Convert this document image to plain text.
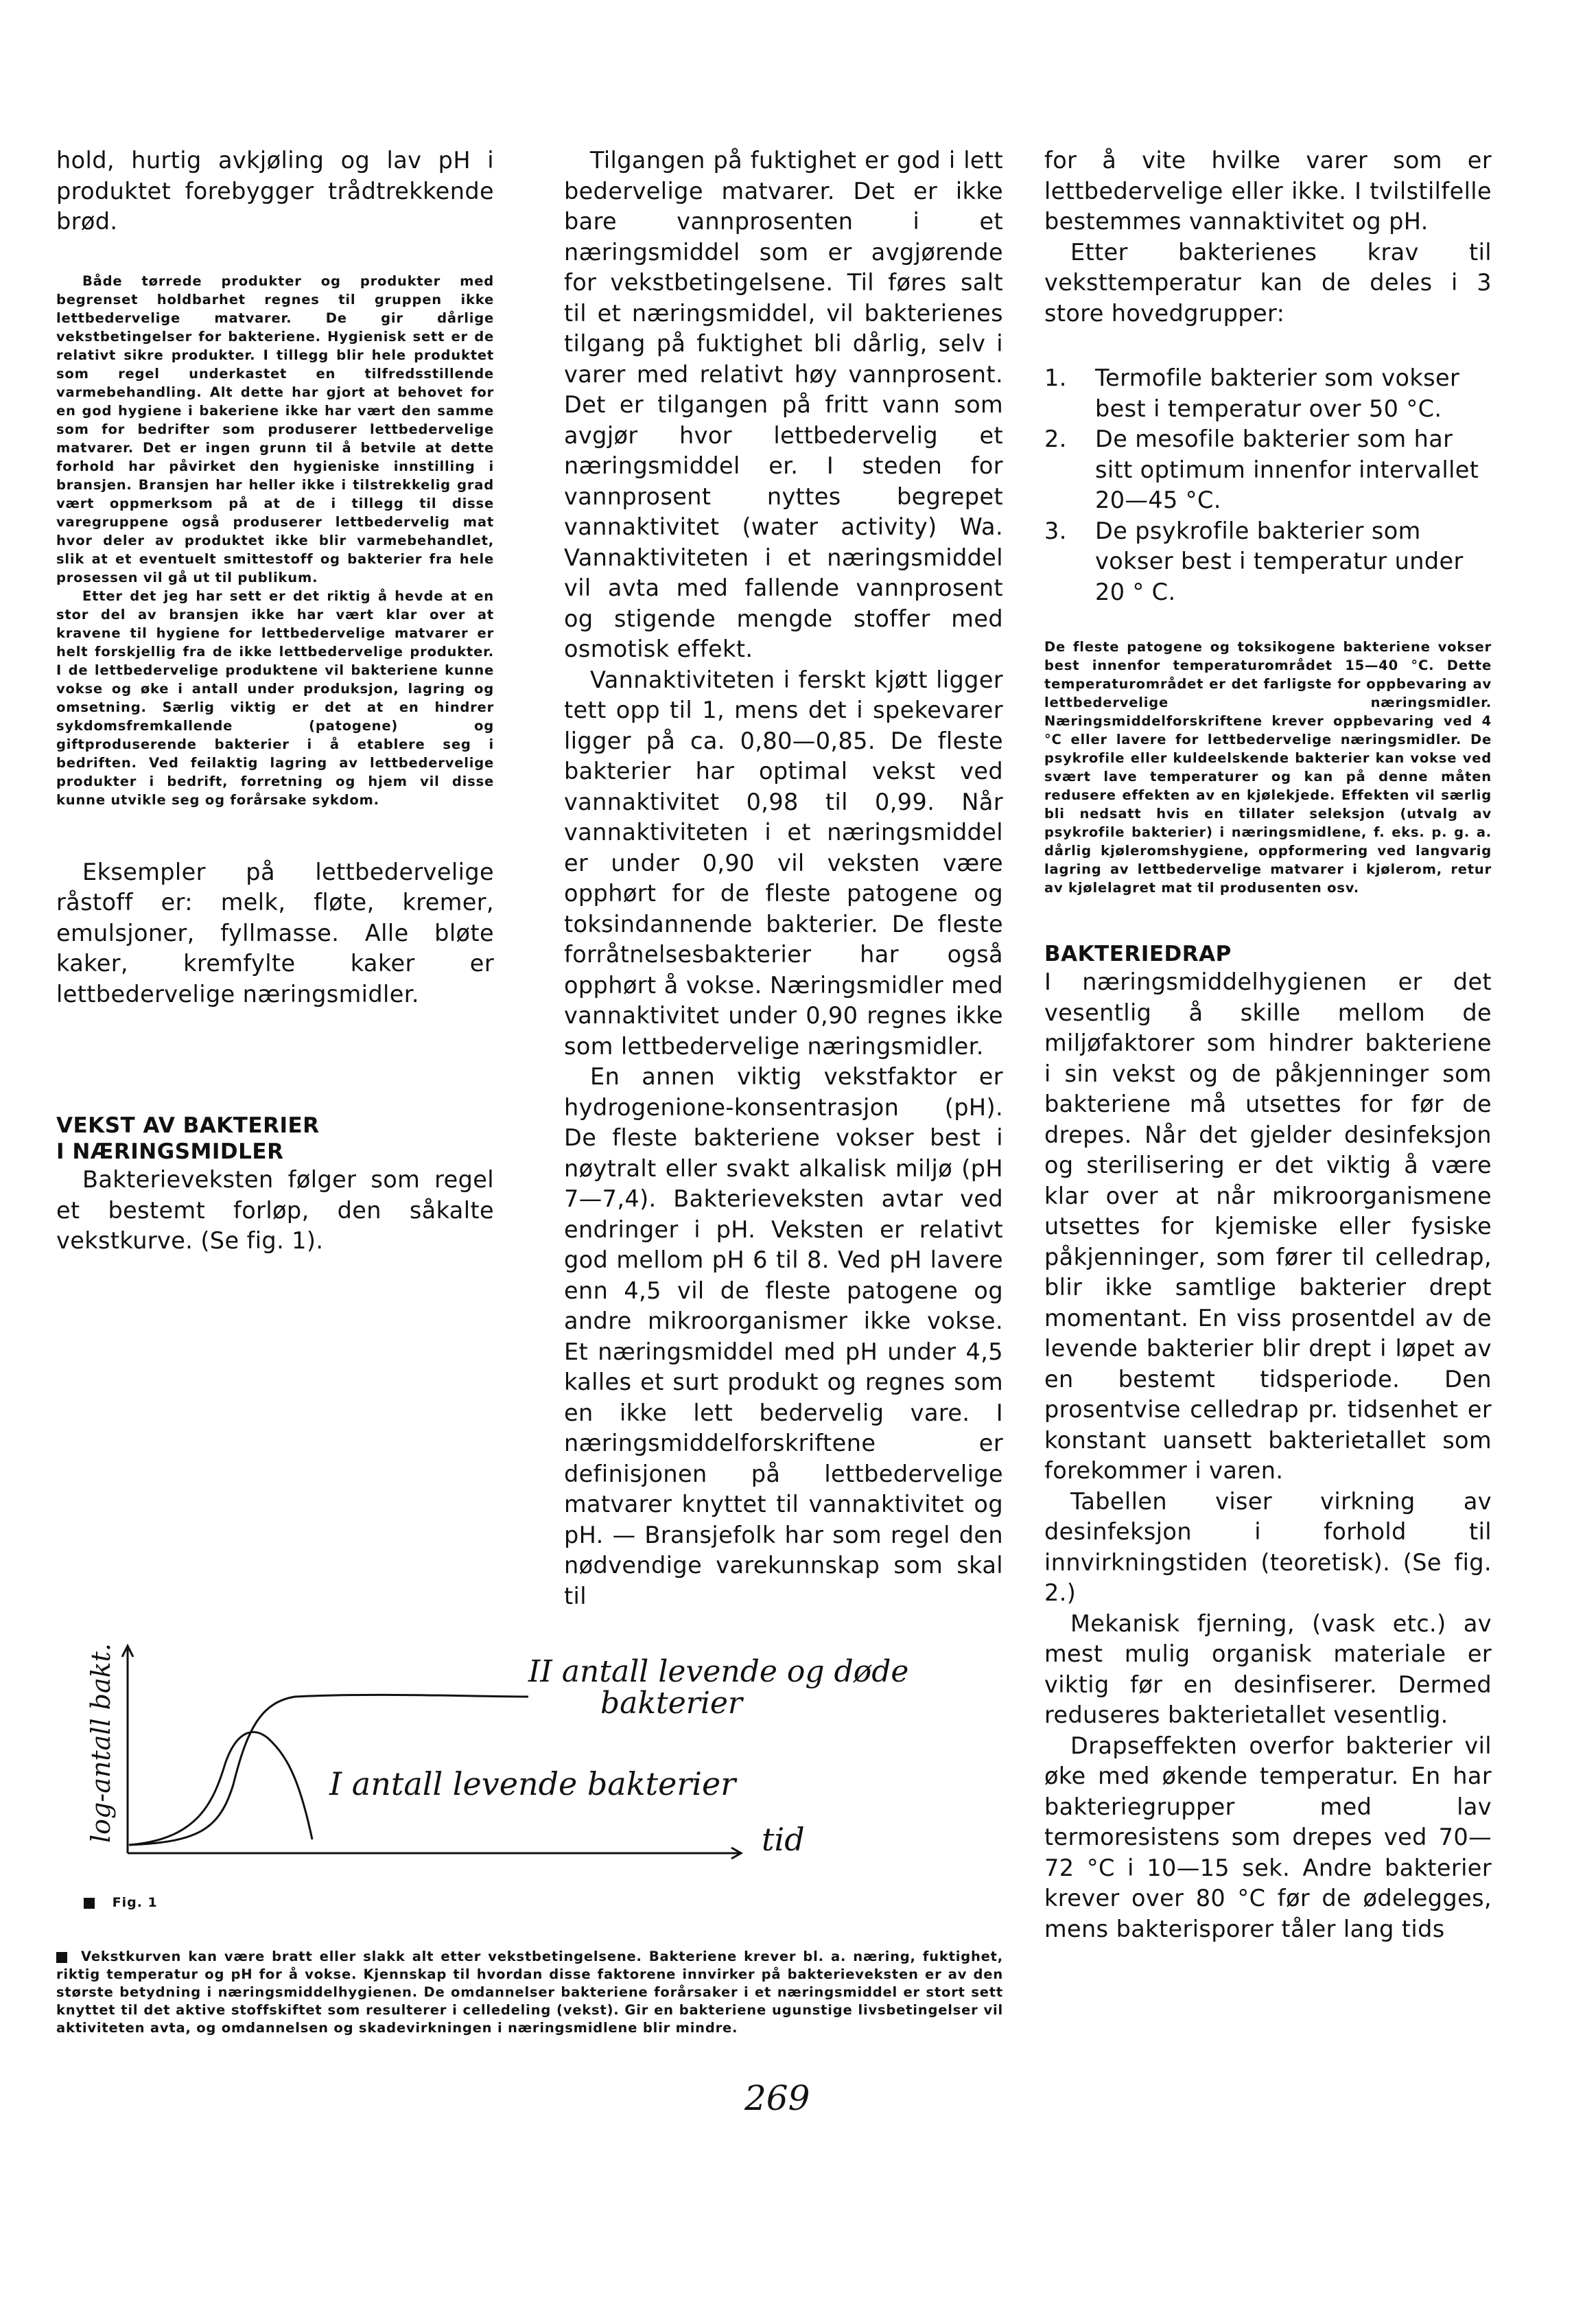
hold, hurtig avkjøling og lav pH i
produktet forebygger trådtrekkende
brød.

Både tørrede produkter og produkter med begrenset holdbarhet regnes til gruppen ikke lettbedervelige matvarer. De gir dårlige vekstbetingelser for bakteriene. Hygienisk sett er de relativt sikre produkter. I tillegg blir hele produktet som regel underkastet en tilfredsstillende varmebehandling. Alt dette har gjort at behovet for en god hygiene i bakeriene ikke har vært den samme som for bedrifter som produserer lettbedervelige matvarer. Det er ingen grunn til å betvile at dette forhold har påvirket den hygieniske innstilling i bransjen. Bransjen har heller ikke i tilstrekkelig grad vært oppmerksom på at de i tillegg til disse varegruppene også produserer lettbedervelig mat hvor deler av produktet ikke blir varmebehandlet, slik at et eventuelt smittestoff og bakterier fra hele prosessen vil gå ut til publikum.

Etter det jeg har sett er det riktig å hevde at en stor del av bransjen ikke har vært klar over at kravene til hygiene for lettbedervelige matvarer er helt forskjellig fra de ikke lettbedervelige produkter. I de lettbedervelige produktene vil bakteriene kunne vokse og øke i antall under produksjon, lagring og omsetning. Særlig viktig er det at en hindrer sykdomsfremkallende (patogene) og giftproduserende bakterier i å etablere seg i bedriften. Ved feilaktig lagring av lettbedervelige produkter i bedrift, forretning og hjem vil disse kunne utvikle seg og forårsake sykdom.

Eksempler på lettbedervelige råstoff er: melk, fløte, kremer, emulsjoner, fyllmasse. Alle bløte kaker, kremfylte kaker er lettbedervelige næringsmidler.

VEKST AV BAKTERIER
I NÆRINGSMIDLER

Bakterieveksten følger som regel et bestemt forløp, den såkalte vekstkurve. (Se fig. 1).

Tilgangen på fuktighet er god i lett bedervelige matvarer. Det er ikke bare vannprosenten i et næringsmiddel som er avgjørende for vekstbetingelsene. Til føres salt til et næringsmiddel, vil bakterienes tilgang på fuktighet bli dårlig, selv i varer med relativt høy vannprosent. Det er tilgangen på fritt vann som avgjør hvor lettbedervelig et næringsmiddel er. I steden for vannprosent nyttes begrepet vannaktivitet (water activity) Wa. Vannaktiviteten i et næringsmiddel vil avta med fallende vannprosent og stigende mengde stoffer med osmotisk effekt.

Vannaktiviteten i ferskt kjøtt ligger tett opp til 1, mens det i spekevarer ligger på ca. 0,80—0,85. De fleste bakterier har optimal vekst ved vannaktivitet 0,98 til 0,99. Når vannaktiviteten i et næringsmiddel er under 0,90 vil veksten være opphørt for de fleste patogene og toksindannende bakterier. De fleste forråtnelsesbakterier har også opphørt å vokse. Næringsmidler med vannaktivitet under 0,90 regnes ikke som lettbedervelige næringsmidler.

En annen viktig vekstfaktor er hydrogenione-konsentrasjon (pH). De fleste bakteriene vokser best i nøytralt eller svakt alkalisk miljø (pH 7—7,4). Bakterieveksten avtar ved endringer i pH. Veksten er relativt god mellom pH 6 til 8. Ved pH lavere enn 4,5 vil de fleste patogene og andre mikroorganismer ikke vokse. Et næringsmiddel med pH under 4,5 kalles et surt produkt og regnes som en ikke lett bedervelig vare. I næringsmiddelforskriftene er definisjonen på lettbedervelige matvarer knyttet til vannaktivitet og pH. — Bransjefolk har som regel den nødvendige varekunnskap som skal til

for å vite hvilke varer som er lettbedervelige eller ikke. I tvilstilfelle bestemmes vannaktivitet og pH.

Etter bakterienes krav til veksttemperatur kan de deles i 3 store hovedgrupper:

1. Termofile bakterier som vokser best i temperatur over 50 °C.
2. De mesofile bakterier som har sitt optimum innenfor intervallet 20—45 °C.
3. De psykrofile bakterier som vokser best i temperatur under 20 ° C.

De fleste patogene og toksikogene bakteriene vokser best innenfor temperaturområdet 15—40 °C. Dette temperaturområdet er det farligste for oppbevaring av lettbedervelige næringsmidler. Næringsmiddelforskriftene krever oppbevaring ved 4 °C eller lavere for lettbedervelige næringsmidler. De psykrofile eller kuldeelskende bakterier kan vokse ved svært lave temperaturer og kan på denne måten redusere effekten av en kjølekjede. Effekten vil særlig bli nedsatt hvis en tillater seleksjon (utvalg av psykrofile bakterier) i næringsmidlene, f. eks. p. g. a. dårlig kjøleromshygiene, oppformering ved langvarig lagring av lettbedervelige matvarer i kjølerom, retur av kjølelagret mat til produsenten osv.

BAKTERIEDRAP

I næringsmiddelhygienen er det vesentlig å skille mellom de miljøfaktorer som hindrer bakteriene i sin vekst og de påkjenninger som bakteriene må utsettes for før de drepes. Når det gjelder desinfeksjon og sterilisering er det viktig å være klar over at når mikroorganismene utsettes for kjemiske eller fysiske påkjenninger, som fører til celledrap, blir ikke samtlige bakterier drept momentant. En viss prosentdel av de levende bakterier blir drept i løpet av en bestemt tidsperiode. Den prosentvise celledrap pr. tidsenhet er konstant uansett bakterietallet som forekommer i varen.

Tabellen viser virkning av desinfeksjon i forhold til innvirkningstiden (teoretisk). (Se fig. 2.)

Mekanisk fjerning, (vask etc.) av mest mulig organisk materiale er viktig før en desinfiserer. Dermed reduseres bakterietallet vesentlig.

Drapseffekten overfor bakterier vil øke med økende temperatur. En har bakteriegrupper med lav termoresistens som drepes ved 70—72 °C i 10—15 sek. Andre bakterier krever over 80 °C før de ødelegges, mens bakterisporer tåler lang tids

log-antall bakt.	tid
II antall levende og døde
bakterier
I antall levende bakterier
Fig. 1

Vekstkurven kan være bratt eller slakk alt etter vekstbetingelsene. Bakteriene krever bl. a. næring, fuktighet, riktig temperatur og pH for å vokse. Kjennskap til hvordan disse faktorene innvirker på bakterieveksten er av den største betydning i næringsmiddelhygienen. De omdannelser bakteriene forårsaker i et næringsmiddel er stort sett knyttet til det aktive stoffskiftet som resulterer i celledeling (vekst). Gir en bakteriene ugunstige livsbetingelser vil aktiviteten avta, og omdannelsen og skadevirkningen i næringsmidlene blir mindre.

269
